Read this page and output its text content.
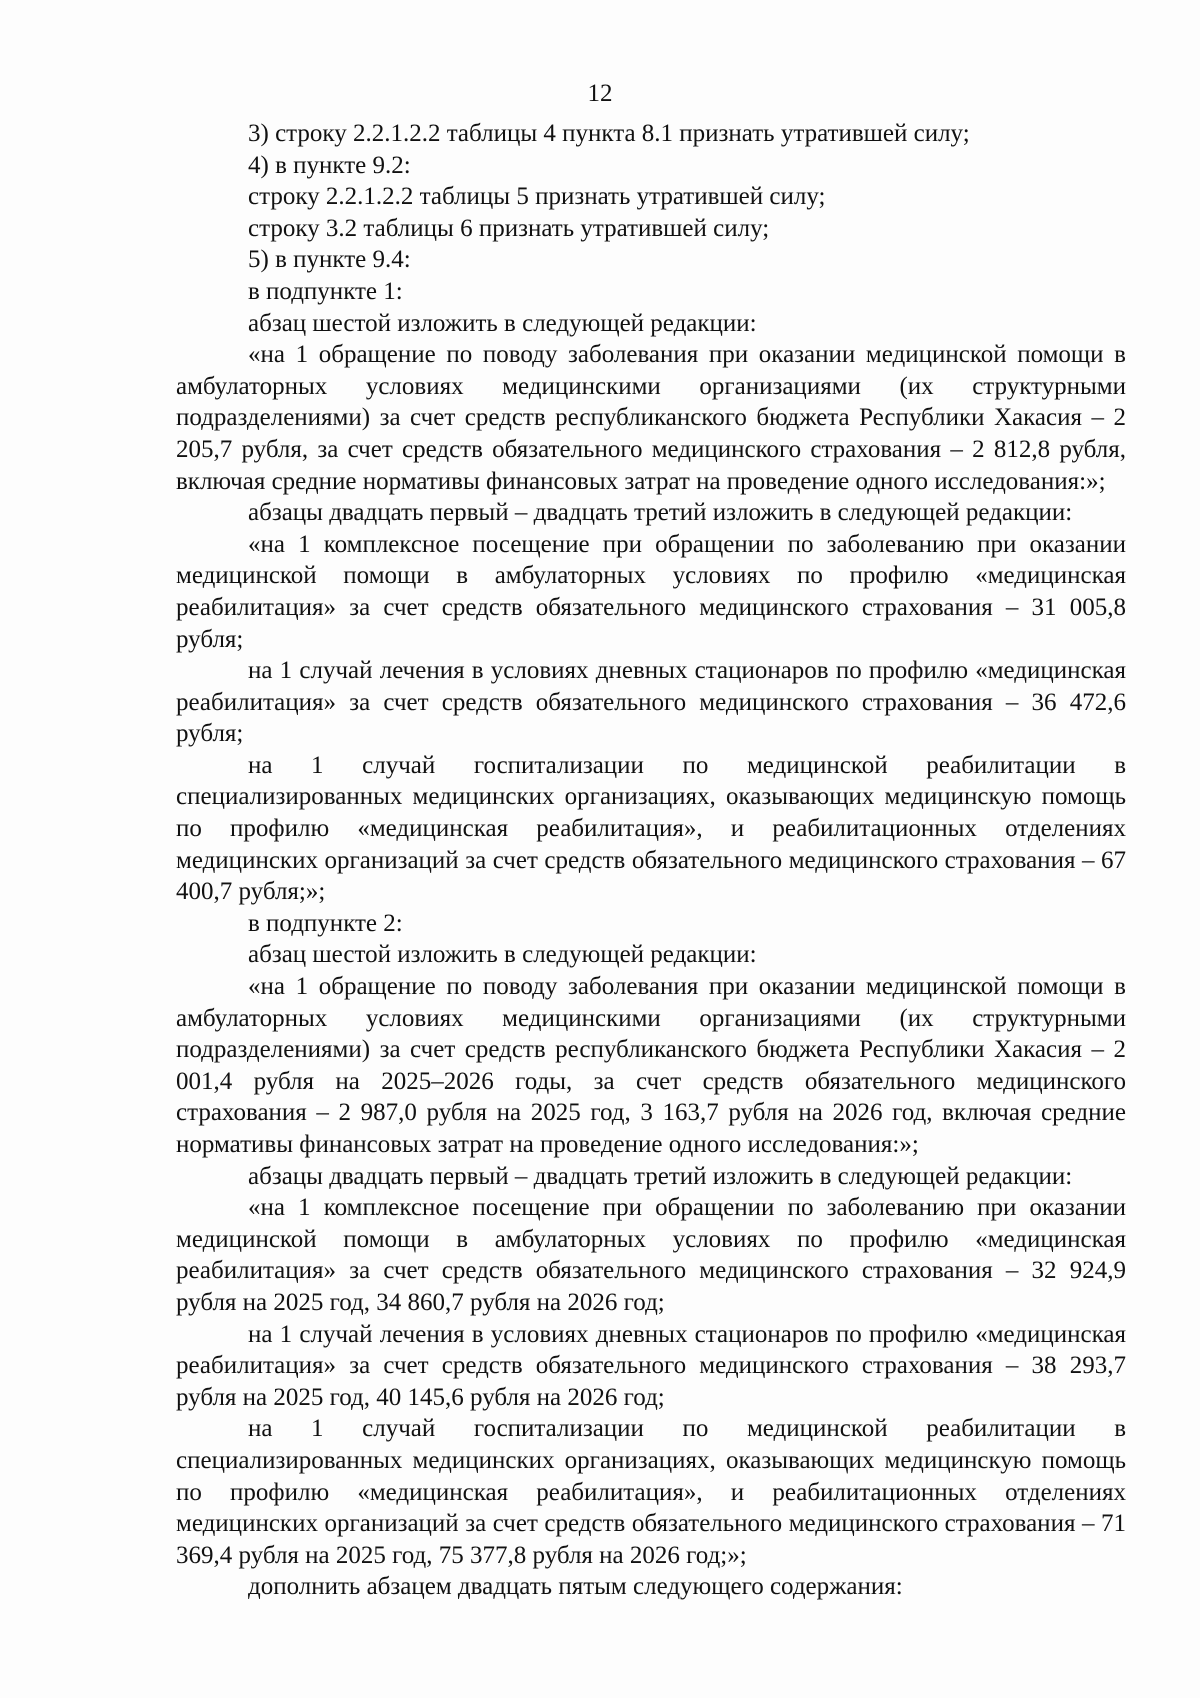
12

3) строку 2.2.1.2.2 таблицы 4 пункта 8.1 признать утратившей силу;

4) в пункте 9.2:

строку 2.2.1.2.2 таблицы 5 признать утратившей силу;

строку 3.2 таблицы 6 признать утратившей силу;

5) в пункте 9.4:

в подпункте 1:

абзац шестой изложить в следующей редакции:

«на 1 обращение по поводу заболевания при оказании медицинской помощи в амбулаторных условиях медицинскими организациями (их структурными подразделениями) за счет средств республиканского бюджета Республики Хакасия – 2 205,7 рубля, за счет средств обязательного медицинского страхования – 2 812,8 рубля, включая средние нормативы финансовых затрат на проведение одного исследования:»;

абзацы двадцать первый – двадцать третий изложить в следующей редакции:

«на 1 комплексное посещение при обращении по заболеванию при оказании медицинской помощи в амбулаторных условиях по профилю «медицинская реабилитация» за счет средств обязательного медицинского страхования – 31 005,8 рубля;

на 1 случай лечения в условиях дневных стационаров по профилю «медицинская реабилитация» за счет средств обязательного медицинского страхования – 36 472,6 рубля;

на 1 случай госпитализации по медицинской реабилитации в специализированных медицинских организациях, оказывающих медицинскую помощь по профилю «медицинская реабилитация», и реабилитационных отделениях медицинских организаций за счет средств обязательного медицинского страхования – 67 400,7 рубля;»;

в подпункте 2:

абзац шестой изложить в следующей редакции:

«на 1 обращение по поводу заболевания при оказании медицинской помощи в амбулаторных условиях медицинскими организациями (их структурными подразделениями) за счет средств республиканского бюджета Республики Хакасия – 2 001,4 рубля на 2025–2026 годы, за счет средств обязательного медицинского страхования – 2 987,0 рубля на 2025 год, 3 163,7 рубля на 2026 год, включая средние нормативы финансовых затрат на проведение одного исследования:»;

абзацы двадцать первый – двадцать третий изложить в следующей редакции:

«на 1 комплексное посещение при обращении по заболеванию при оказании медицинской помощи в амбулаторных условиях по профилю «медицинская реабилитация» за счет средств обязательного медицинского страхования – 32 924,9 рубля на 2025 год, 34 860,7 рубля на 2026 год;

на 1 случай лечения в условиях дневных стационаров по профилю «медицинская реабилитация» за счет средств обязательного медицинского страхования – 38 293,7 рубля на 2025 год, 40 145,6 рубля на 2026 год;

на 1 случай госпитализации по медицинской реабилитации в специализированных медицинских организациях, оказывающих медицинскую помощь по профилю «медицинская реабилитация», и реабилитационных отделениях медицинских организаций за счет средств обязательного медицинского страхования – 71 369,4 рубля на 2025 год, 75 377,8 рубля на 2026 год;»;

дополнить абзацем двадцать пятым следующего содержания:
